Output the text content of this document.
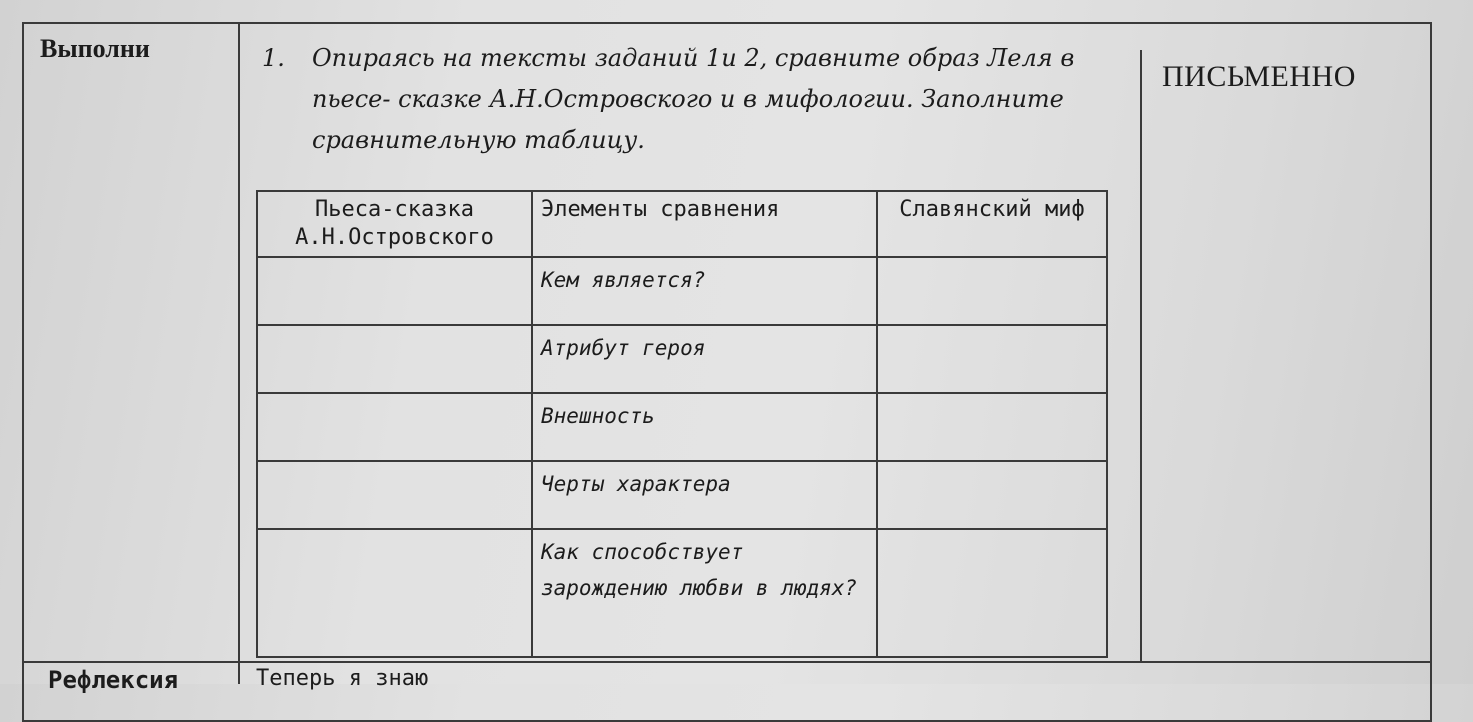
Выполни
ПИСЬМЕННО
1. Опираясь на тексты заданий 1и 2, сравните образ Леля в пьесе- сказке А.Н.Островского и в мифологии. Заполните сравнительную таблицу.
Пьеса-сказка А.Н.Островского	Элементы сравнения	Славянский миф
	Кем является?	
	Атрибут героя	
	Внешность	
	Черты характера	
	Как способствует зарождению любви в людях?	
Рефлексия	Теперь я знаю
